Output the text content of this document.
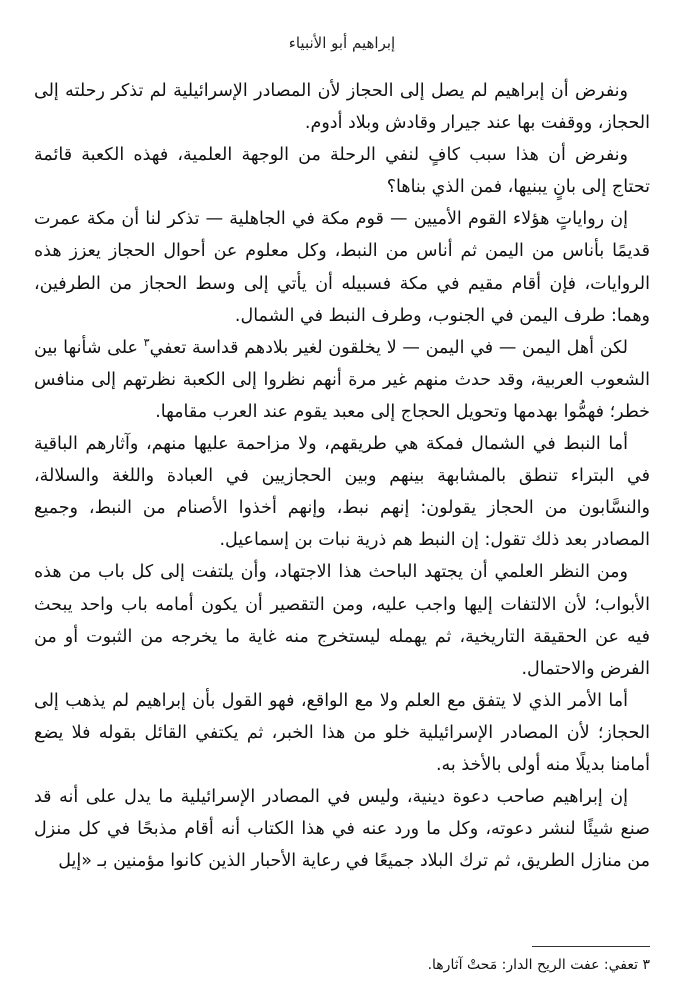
إبراهيم أبو الأنبياء

ونفرض أن إبراهيم لم يصل إلى الحجاز لأن المصادر الإسرائيلية لم تذكر رحلته إلى الحجاز، ووقفت بها عند جيرار وقادش وبلاد أدوم.

ونفرض أن هذا سبب كافٍ لنفي الرحلة من الوجهة العلمية، فهذه الكعبة قائمة تحتاج إلى بانٍ يبنيها، فمن الذي بناها؟

إن رواياتٍ هؤلاء القوم الأميين — قوم مكة في الجاهلية — تذكر لنا أن مكة عمرت قديمًا بأناس من اليمن ثم أناس من النبط، وكل معلوم عن أحوال الحجاز يعزز هذه الروايات، فإن أقام مقيم في مكة فسبيله أن يأتي إلى وسط الحجاز من الطرفين، وهما: طرف اليمن في الجنوب، وطرف النبط في الشمال.

لكن أهل اليمن — في اليمن — لا يخلقون لغير بلادهم قداسة تعفي$^٣$ على شأنها بين الشعوب العربية، وقد حدث منهم غير مرة أنهم نظروا إلى الكعبة نظرتهم إلى منافس خطر؛ فهمُّوا بهدمها وتحويل الحجاج إلى معبد يقوم عند العرب مقامها.

أما النبط في الشمال فمكة هي طريقهم، ولا مزاحمة عليها منهم، وآثارهم الباقية في البتراء تنطق بالمشابهة بينهم وبين الحجازيين في العبادة واللغة والسلالة، والنسَّابون من الحجاز يقولون: إنهم نبط، وإنهم أخذوا الأصنام من النبط، وجميع المصادر بعد ذلك تقول: إن النبط هم ذرية نبات بن إسماعيل.

ومن النظر العلمي أن يجتهد الباحث هذا الاجتهاد، وأن يلتفت إلى كل باب من هذه الأبواب؛ لأن الالتفات إليها واجب عليه، ومن التقصير أن يكون أمامه باب واحد يبحث فيه عن الحقيقة التاريخية، ثم يهمله ليستخرج منه غاية ما يخرجه من الثبوت أو من الفرض والاحتمال.

أما الأمر الذي لا يتفق مع العلم ولا مع الواقع، فهو القول بأن إبراهيم لم يذهب إلى الحجاز؛ لأن المصادر الإسرائيلية خلو من هذا الخبر، ثم يكتفي القائل بقوله فلا يضع أمامنا بديلًا منه أولى بالأخذ به.

إن إبراهيم صاحب دعوة دينية، وليس في المصادر الإسرائيلية ما يدل على أنه قد صنع شيئًا لنشر دعوته، وكل ما ورد عنه في هذا الكتاب أنه أقام مذبحًا في كل منزل من منازل الطريق، ثم ترك البلاد جميعًا في رعاية الأحبار الذين كانوا مؤمنين بـ «إيل

٣ تعفي: عفت الريح الدار: مَحتْ آثارها.
